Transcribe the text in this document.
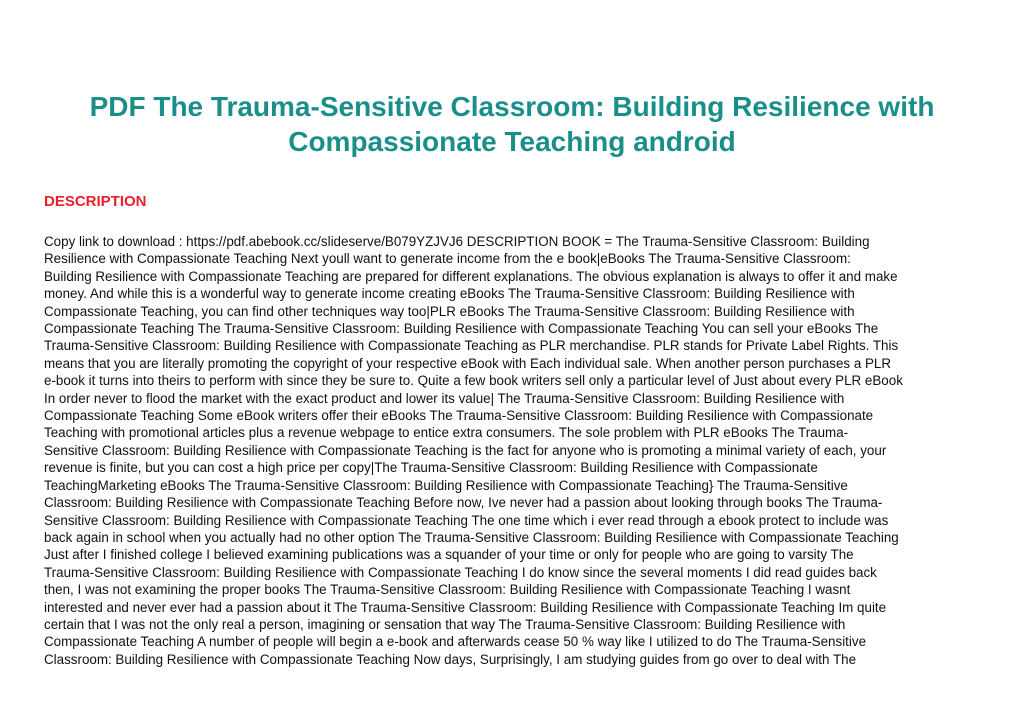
PDF The Trauma-Sensitive Classroom: Building Resilience with
Compassionate Teaching android
DESCRIPTION
Copy link to download : https://pdf.abebook.cc/slideserve/B079YZJVJ6 DESCRIPTION BOOK = The Trauma-Sensitive Classroom: Building
Resilience with Compassionate Teaching Next youll want to generate income from the e book|eBooks The Trauma-Sensitive Classroom:
Building Resilience with Compassionate Teaching are prepared for different explanations. The obvious explanation is always to offer it and make
money. And while this is a wonderful way to generate income creating eBooks The Trauma-Sensitive Classroom: Building Resilience with
Compassionate Teaching, you can find other techniques way too|PLR eBooks The Trauma-Sensitive Classroom: Building Resilience with
Compassionate Teaching The Trauma-Sensitive Classroom: Building Resilience with Compassionate Teaching You can sell your eBooks The
Trauma-Sensitive Classroom: Building Resilience with Compassionate Teaching as PLR merchandise. PLR stands for Private Label Rights. This
means that you are literally promoting the copyright of your respective eBook with Each individual sale. When another person purchases a PLR
e-book it turns into theirs to perform with since they be sure to. Quite a few book writers sell only a particular level of Just about every PLR eBook
In order never to flood the market with the exact product and lower its value| The Trauma-Sensitive Classroom: Building Resilience with
Compassionate Teaching Some eBook writers offer their eBooks The Trauma-Sensitive Classroom: Building Resilience with Compassionate
Teaching with promotional articles plus a revenue webpage to entice extra consumers. The sole problem with PLR eBooks The Trauma-
Sensitive Classroom: Building Resilience with Compassionate Teaching is the fact for anyone who is promoting a minimal variety of each, your
revenue is finite, but you can cost a high price per copy|The Trauma-Sensitive Classroom: Building Resilience with Compassionate
TeachingMarketing eBooks The Trauma-Sensitive Classroom: Building Resilience with Compassionate Teaching} The Trauma-Sensitive
Classroom: Building Resilience with Compassionate Teaching Before now, Ive never had a passion about looking through books The Trauma-
Sensitive Classroom: Building Resilience with Compassionate Teaching The one time which i ever read through a ebook protect to include was
back again in school when you actually had no other option The Trauma-Sensitive Classroom: Building Resilience with Compassionate Teaching
Just after I finished college I believed examining publications was a squander of your time or only for people who are going to varsity The
Trauma-Sensitive Classroom: Building Resilience with Compassionate Teaching I do know since the several moments I did read guides back
then, I was not examining the proper books The Trauma-Sensitive Classroom: Building Resilience with Compassionate Teaching I wasnt
interested and never ever had a passion about it The Trauma-Sensitive Classroom: Building Resilience with Compassionate Teaching Im quite
certain that I was not the only real a person, imagining or sensation that way The Trauma-Sensitive Classroom: Building Resilience with
Compassionate Teaching A number of people will begin a e-book and afterwards cease 50 % way like I utilized to do The Trauma-Sensitive
Classroom: Building Resilience with Compassionate Teaching Now days, Surprisingly, I am studying guides from go over to deal with The
